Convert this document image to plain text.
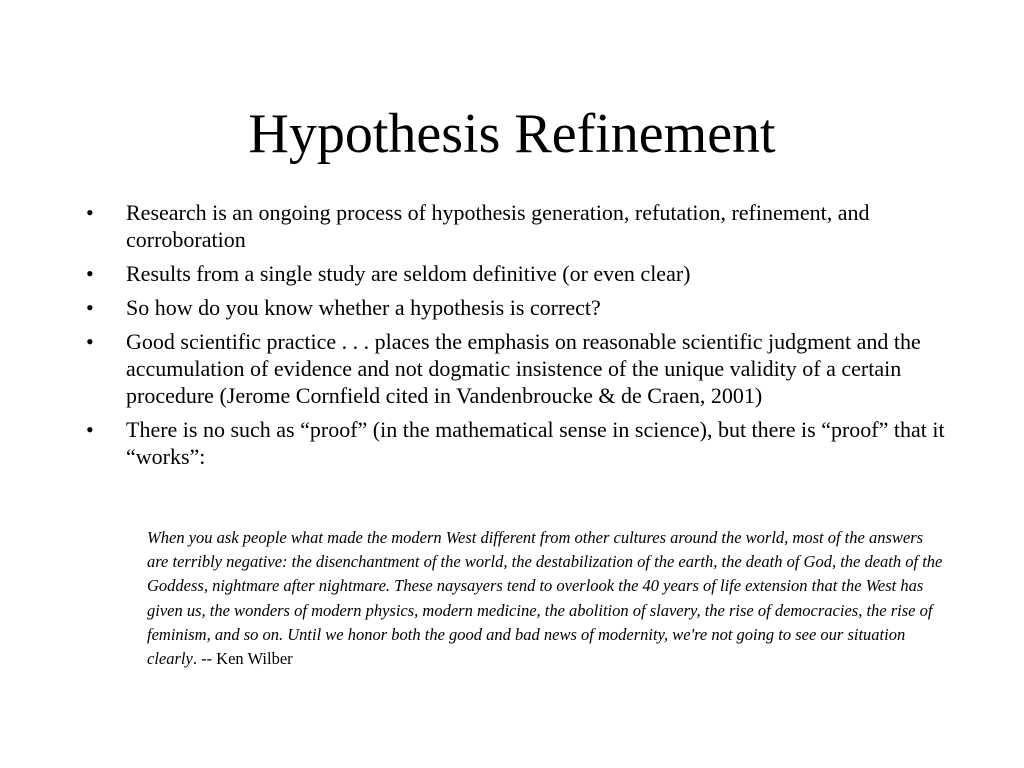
Hypothesis Refinement
•	Research is an ongoing process of hypothesis generation, refutation, refinement, and corroboration
•	Results from a single study are seldom definitive (or even clear)
•	So how do you know whether a hypothesis is correct?
•	Good scientific practice . . . places the emphasis on reasonable scientific judgment and the accumulation of evidence and not dogmatic insistence of the unique validity of a certain procedure (Jerome Cornfield cited in Vandenbroucke & de Craen, 2001)
•	There is no such as “proof” (in the mathematical sense in science), but there is “proof” that it “works”:
When you ask people what made the modern West different from other cultures around the world, most of the answers are terribly negative: the disenchantment of the world, the destabilization of the earth, the death of God, the death of the Goddess, nightmare after nightmare. These naysayers tend to overlook the 40 years of life extension that the West has given us, the wonders of modern physics, modern medicine, the abolition of slavery, the rise of democracies, the rise of feminism, and so on. Until we honor both the good and bad news of modernity, we're not going to see our situation clearly. -- Ken Wilber
